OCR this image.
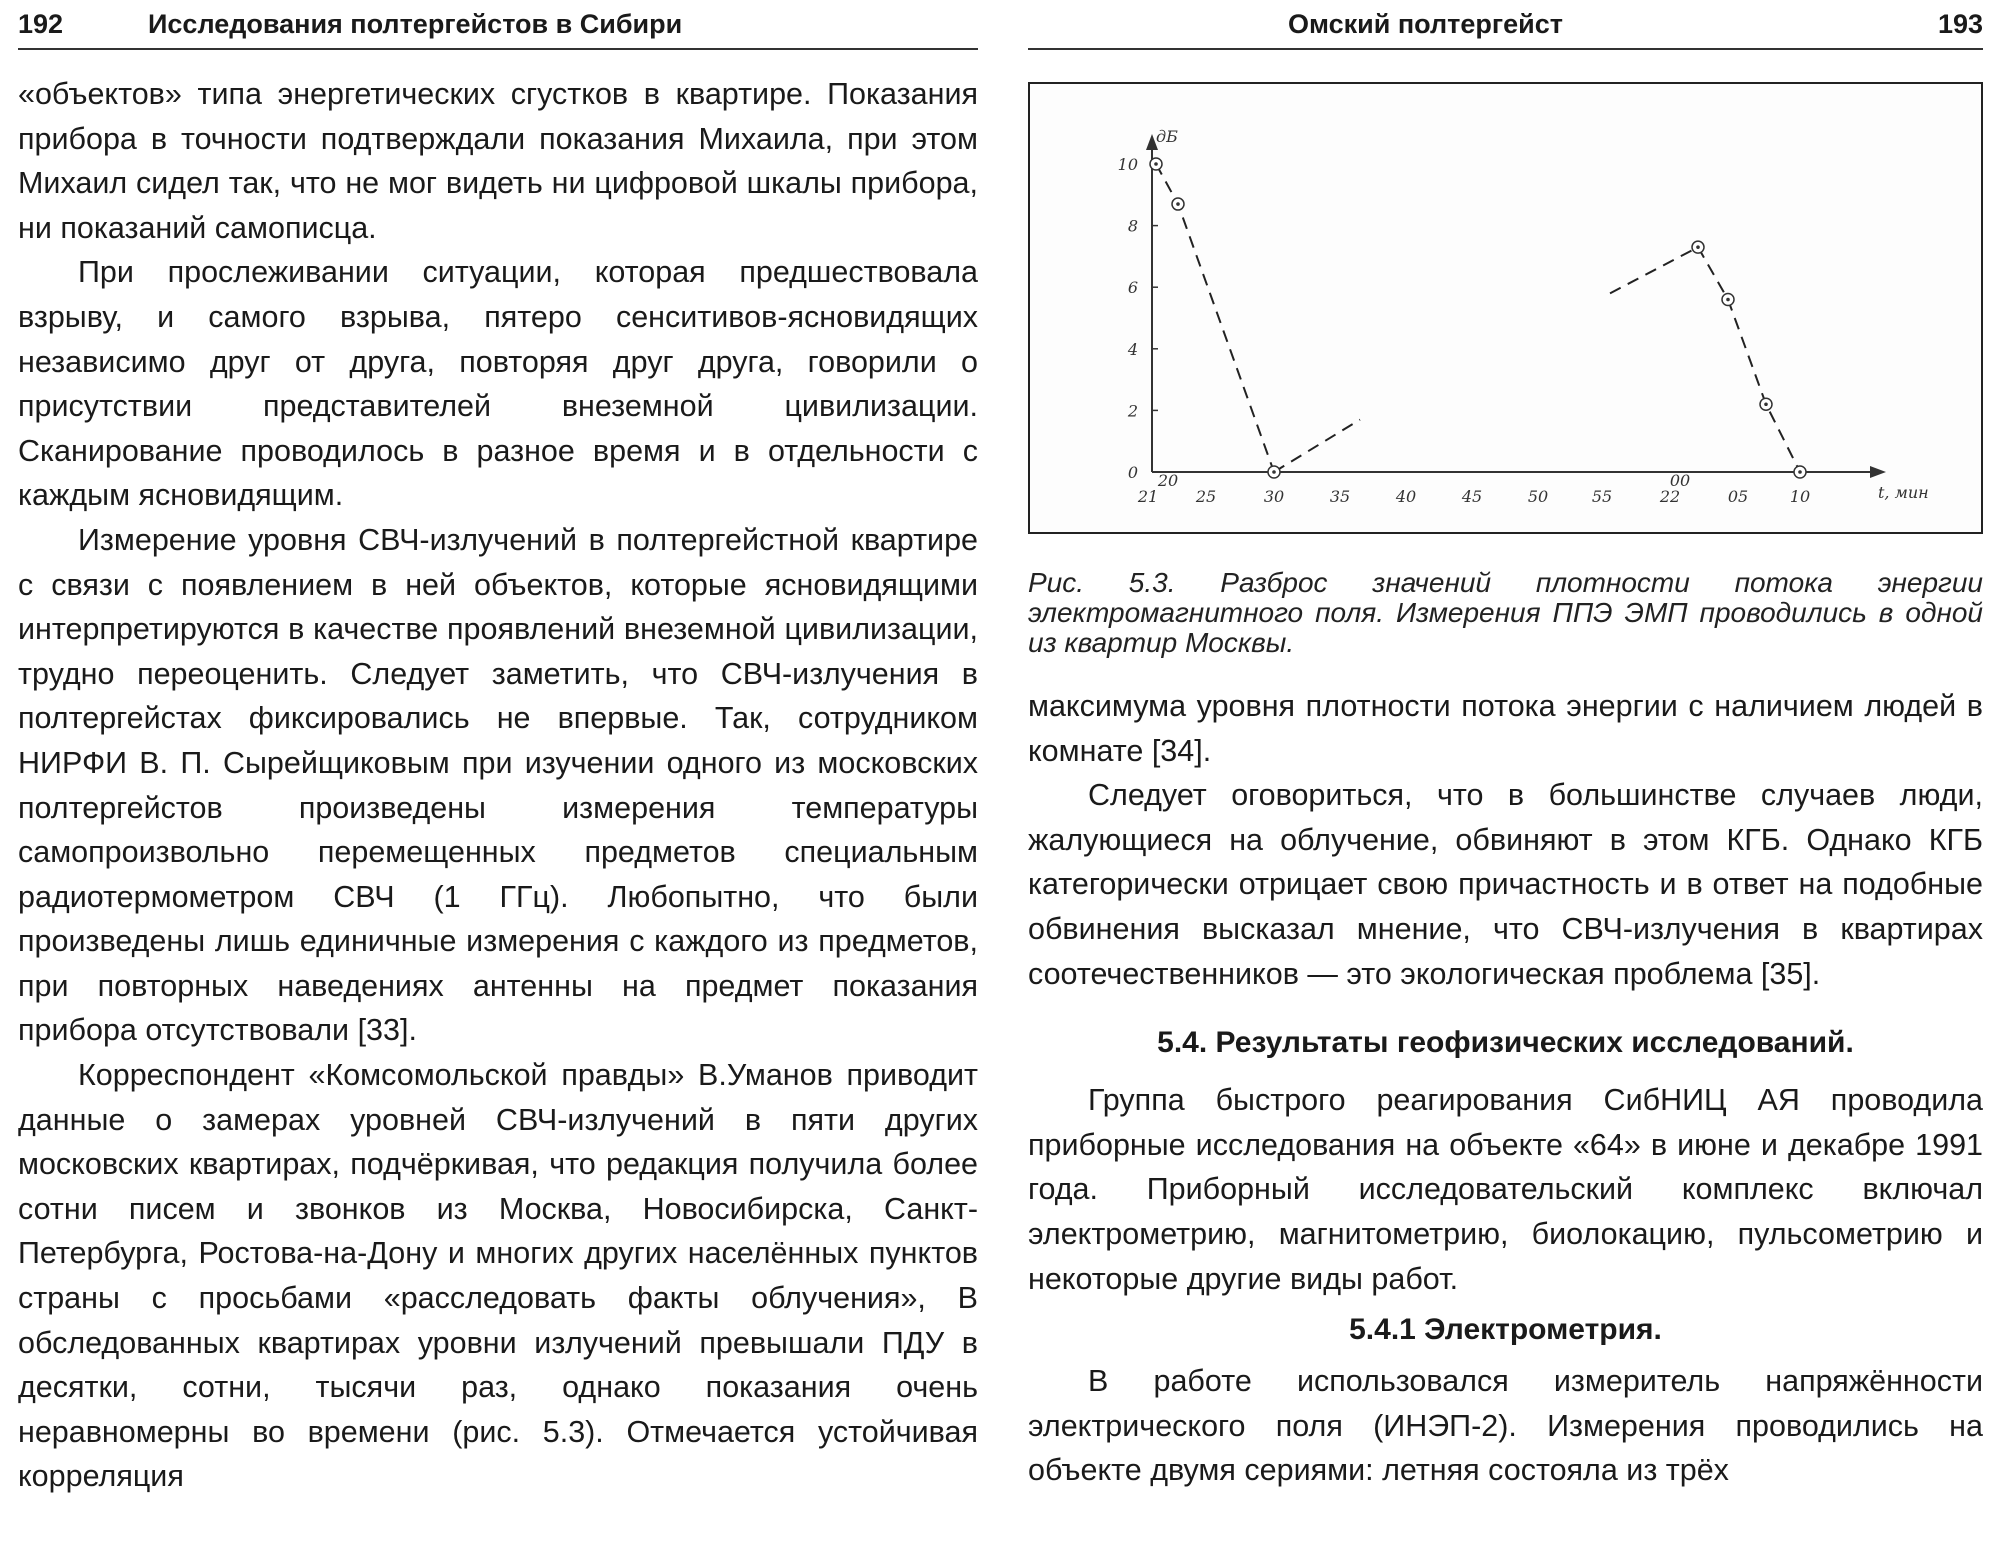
192	Исследования полтергейстов в Сибири

«объектов» типа энергетических сгустков в квартире. Показания прибора в точности подтверждали показания Михаила, при этом Михаил сидел так, что не мог видеть ни цифровой шкалы прибора, ни показаний самописца.

При прослеживании ситуации, которая предшествовала взрыву, и самого взрыва, пятеро сенситивов-ясновидящих независимо друг от друга, повторяя друг друга, говорили о присутствии представителей внеземной цивилизации. Сканирование проводилось в разное время и в отдельности с каждым ясновидящим.

Измерение уровня СВЧ-излучений в полтергейстной квартире с связи с появлением в ней объектов, которые ясновидящими интерпретируются в качестве проявлений внеземной цивилизации, трудно переоценить. Следует заметить, что СВЧ-излучения в полтергейстах фиксировались не впервые. Так, сотрудником НИРФИ В. П. Сырейщиковым при изучении одного из московских полтергейстов произведены измерения температуры самопроизвольно перемещенных предметов специальным радиотермометром СВЧ (1 ГГц). Любопытно, что были произведены лишь единичные измерения с каждого из предметов, при повторных наведениях антенны на предмет показания прибора отсутствовали [33].

Корреспондент «Комсомольской правды» В.Уманов приводит данные о замерах уровней СВЧ-излучений в пяти других московских квартирах, подчёркивая, что редакция получила более сотни писем и звонков из Москва, Новосибирска, Санкт-Петербурга, Ростова-на-Дону и многих других населённых пунктов страны с просьбами «расследовать факты облучения», В обследованных квартирах уровни излучений превышали ПДУ в десятки, сотни, тысячи раз, однако показания очень неравномерны во времени (рис. 5.3). Отмечается устойчивая корреляция

Омский полтергейст	193
дБ
t, мин
0
2
4
6
8
10
21
20
25	30	35	40	45	50	55	22
00
05	10
Рис. 5.3. Разброс значений плотности потока энергии электромагнитного поля. Измерения ППЭ ЭМП проводились в одной из квартир Москвы.

максимума уровня плотности потока энергии с наличием людей в комнате [34].

Следует оговориться, что в большинстве случаев люди, жалующиеся на облучение, обвиняют в этом КГБ. Однако КГБ категорически отрицает свою причастность и в ответ на подобные обвинения высказал мнение, что СВЧ-излучения в квартирах соотечественников — это экологическая проблема [35].

5.4. Результаты геофизических исследований.

Группа быстрого реагирования СибНИЦ АЯ проводила приборные исследования на объекте «64» в июне и декабре 1991 года. Приборный исследовательский комплекс включал электрометрию, магнитометрию, биолокацию, пульсометрию и некоторые другие виды работ.

5.4.1 Электрометрия.

В работе использовался измеритель напряжённости электрического поля (ИНЭП-2). Измерения проводились на объекте двумя сериями: летняя состояла из трёх
